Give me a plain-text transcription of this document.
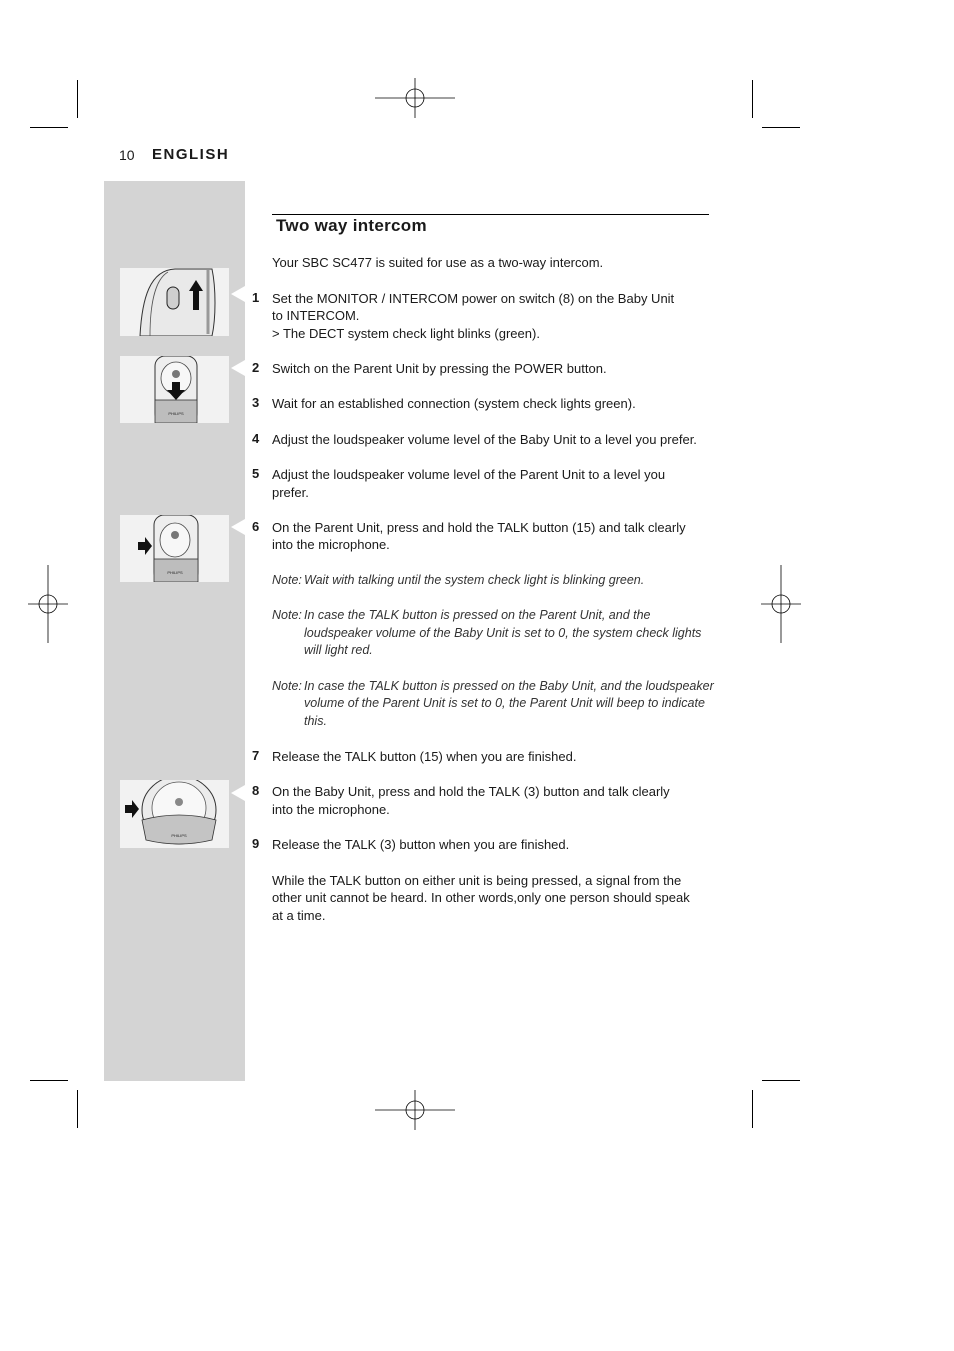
10 ENGLISH
PHILIPS
PHILIPS
PHILIPS
Two way intercom
Your SBC SC477 is suited for use as a two-way intercom.
1 Set the MONITOR / INTERCOM power on switch (8) on the Baby Unit
to INTERCOM.
> The DECT system check light blinks (green).
2 Switch on the Parent Unit by pressing the POWER button.
3 Wait for an established connection (system check lights green).
4 Adjust the loudspeaker volume level of the Baby Unit to a level you prefer.
5 Adjust the loudspeaker volume level of the Parent Unit to a level you
prefer.
6 On the Parent Unit, press and hold the TALK button (15) and talk clearly
into the microphone.
Note: Wait with talking until the system check light is blinking green.
Note: In case the TALK button is pressed on the Parent Unit, and the
loudspeaker volume of the Baby Unit is set to 0, the system check lights
will light red.
Note: In case the TALK button is pressed on the Baby Unit, and the loudspeaker
volume of the Parent Unit is set to 0, the Parent Unit will beep to indicate
this.
7 Release the TALK button (15) when you are finished.
8 On the Baby Unit, press and hold the TALK (3) button and talk clearly
into the microphone.
9 Release the TALK (3) button when you are finished.
While the TALK button on either unit is being pressed, a signal from the
other unit cannot be heard. In other words,only one person should speak
at a time.
